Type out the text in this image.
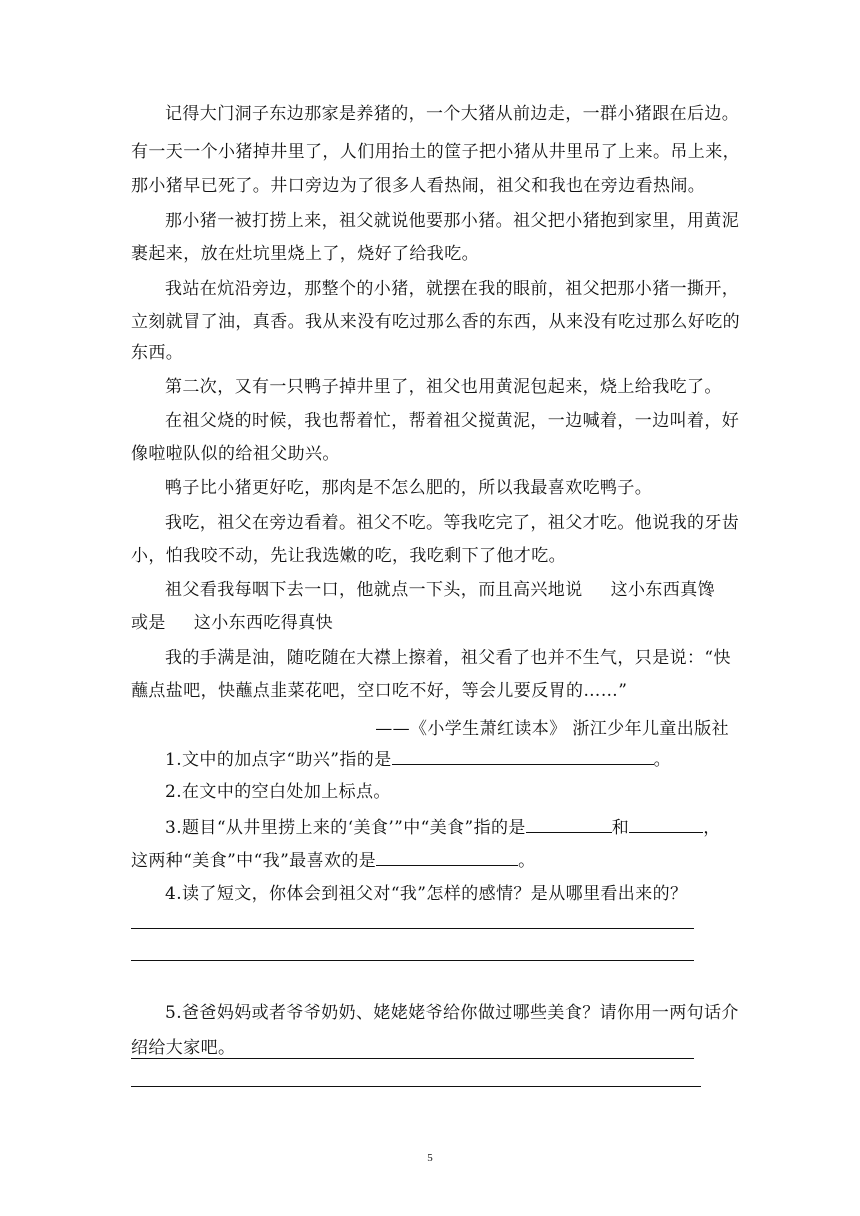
记得大门洞子东边那家是养猪的，一个大猪从前边走，一群小猪跟在后边。
有一天一个小猪掉井里了，人们用抬土的筐子把小猪从井里吊了上来。吊上来，
那小猪早已死了。井口旁边为了很多人看热闹，祖父和我也在旁边看热闹。
那小猪一被打捞上来，祖父就说他要那小猪。祖父把小猪抱到家里，用黄泥
裹起来，放在灶坑里烧上了，烧好了给我吃。
我站在炕沿旁边，那整个的小猪，就摆在我的眼前，祖父把那小猪一撕开，
立刻就冒了油，真香。我从来没有吃过那么香的东西，从来没有吃过那么好吃的
东西。
第二次，又有一只鸭子掉井里了，祖父也用黄泥包起来，烧上给我吃了。
在祖父烧的时候，我也帮着忙，帮着祖父搅黄泥，一边喊着，一边叫着，好
像啦啦队似的给祖父助兴。
鸭子比小猪更好吃，那肉是不怎么肥的，所以我最喜欢吃鸭子。
我吃，祖父在旁边看着。祖父不吃。等我吃完了，祖父才吃。他说我的牙齿
小，怕我咬不动，先让我选嫩的吃，我吃剩下了他才吃。
祖父看我每咽下去一口，他就点一下头，而且高兴地说 这小东西真馋
或是 这小东西吃得真快
我的手满是油，随吃随在大襟上擦着，祖父看了也并不生气，只是说：“快
蘸点盐吧，快蘸点韭菜花吧，空口吃不好，等会儿要反胃的……”
——《小学生萧红读本》 浙江少年儿童出版社
1.文中的加点字“助兴”指的是	。
2.在文中的空白处加上标点。
3.题目“从井里捞上来的‘美食’”中“美食”指的是	和	，
这两种“美食”中“我”最喜欢的是	。
4.读了短文，你体会到祖父对“我”怎样的感情？是从哪里看出来的？
5.爸爸妈妈或者爷爷奶奶、姥姥姥爷给你做过哪些美食？请你用一两句话介
5
绍给大家吧。
